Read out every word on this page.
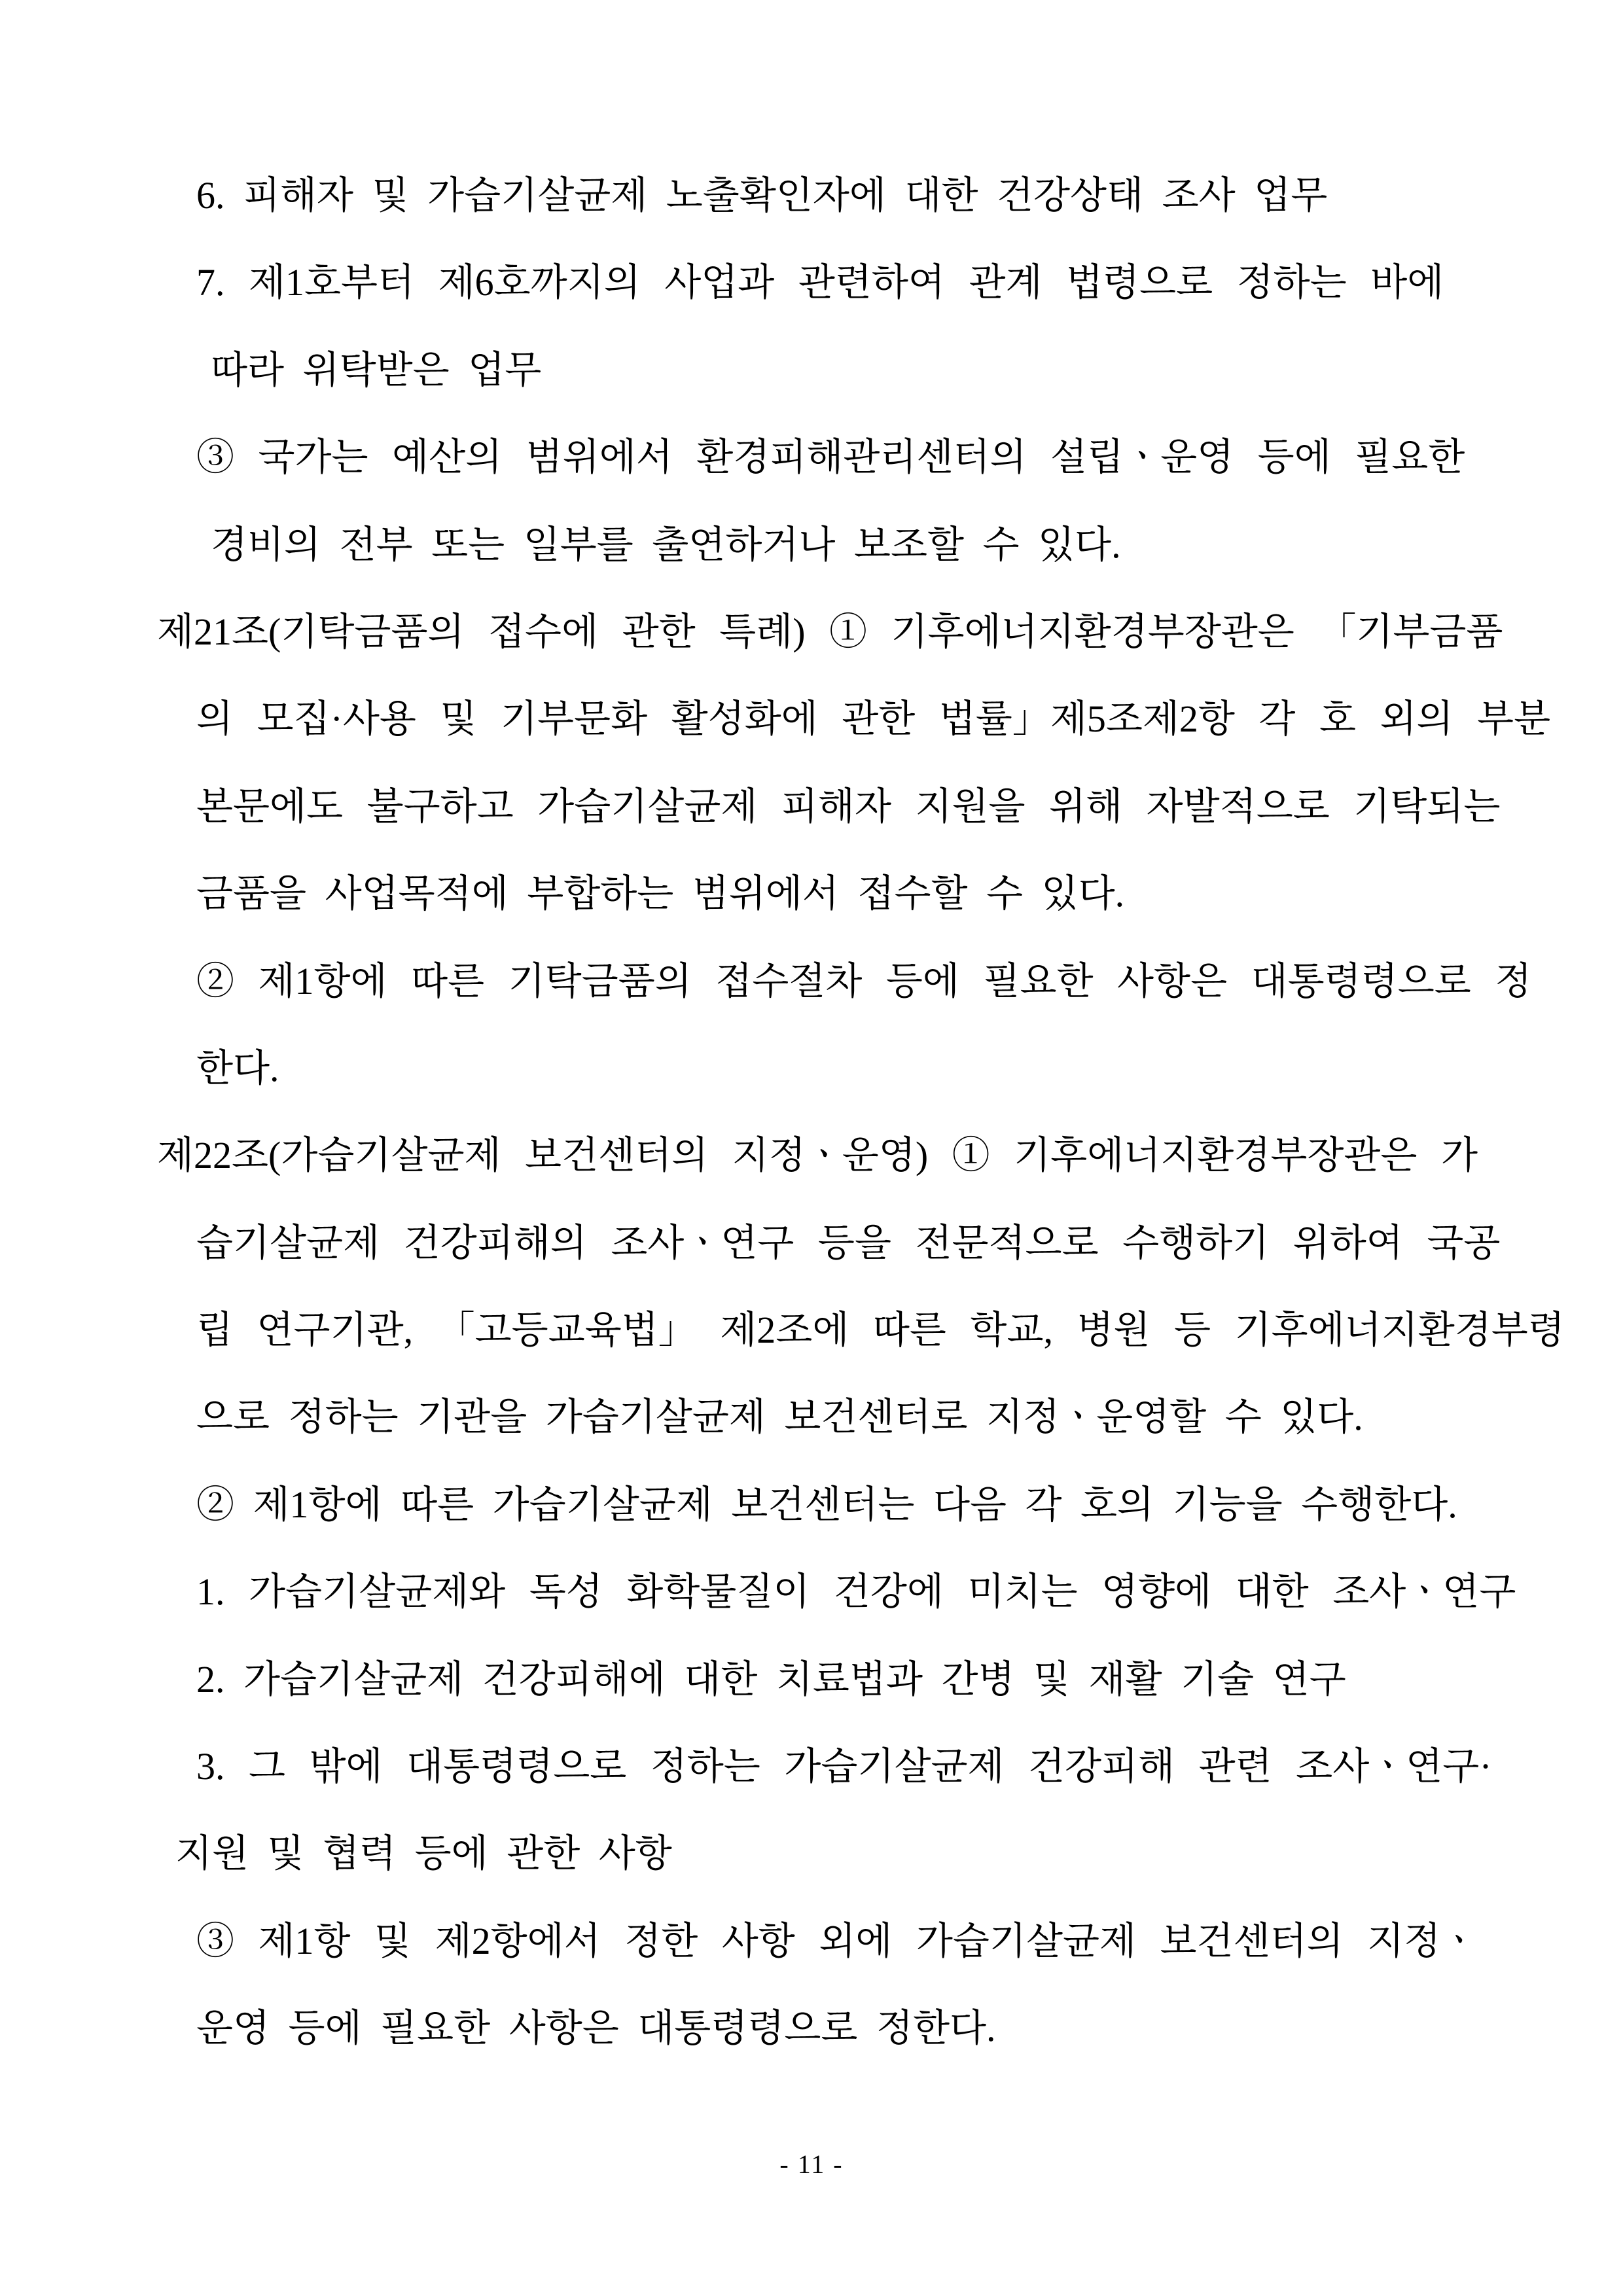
6. 피해자 및 가습기살균제 노출확인자에 대한 건강상태 조사 업무
7. 제1호부터 제6호까지의 사업과 관련하여 관계 법령으로 정하는 바에
따라 위탁받은 업무
③ 국가는 예산의 범위에서 환경피해관리센터의 설립ㆍ운영 등에 필요한
경비의 전부 또는 일부를 출연하거나 보조할 수 있다.
제21조(기탁금품의 접수에 관한 특례) ① 기후에너지환경부장관은 「기부금품
의 모집·사용 및 기부문화 활성화에 관한 법률」제5조제2항 각 호 외의 부분
본문에도 불구하고 가습기살균제 피해자 지원을 위해 자발적으로 기탁되는
금품을 사업목적에 부합하는 범위에서 접수할 수 있다.
② 제1항에 따른 기탁금품의 접수절차 등에 필요한 사항은 대통령령으로 정
한다.
제22조(가습기살균제 보건센터의 지정ㆍ운영) ① 기후에너지환경부장관은 가
습기살균제 건강피해의 조사ㆍ연구 등을 전문적으로 수행하기 위하여 국공
립 연구기관, 「고등교육법」 제2조에 따른 학교, 병원 등 기후에너지환경부령
으로 정하는 기관을 가습기살균제 보건센터로 지정ㆍ운영할 수 있다.
② 제1항에 따른 가습기살균제 보건센터는 다음 각 호의 기능을 수행한다.
1. 가습기살균제와 독성 화학물질이 건강에 미치는 영향에 대한 조사ㆍ연구
2. 가습기살균제 건강피해에 대한 치료법과 간병 및 재활 기술 연구
3. 그 밖에 대통령령으로 정하는 가습기살균제 건강피해 관련 조사ㆍ연구·
지원 및 협력 등에 관한 사항
③ 제1항 및 제2항에서 정한 사항 외에 가습기살균제 보건센터의 지정ㆍ
운영 등에 필요한 사항은 대통령령으로 정한다.
- 11 -
